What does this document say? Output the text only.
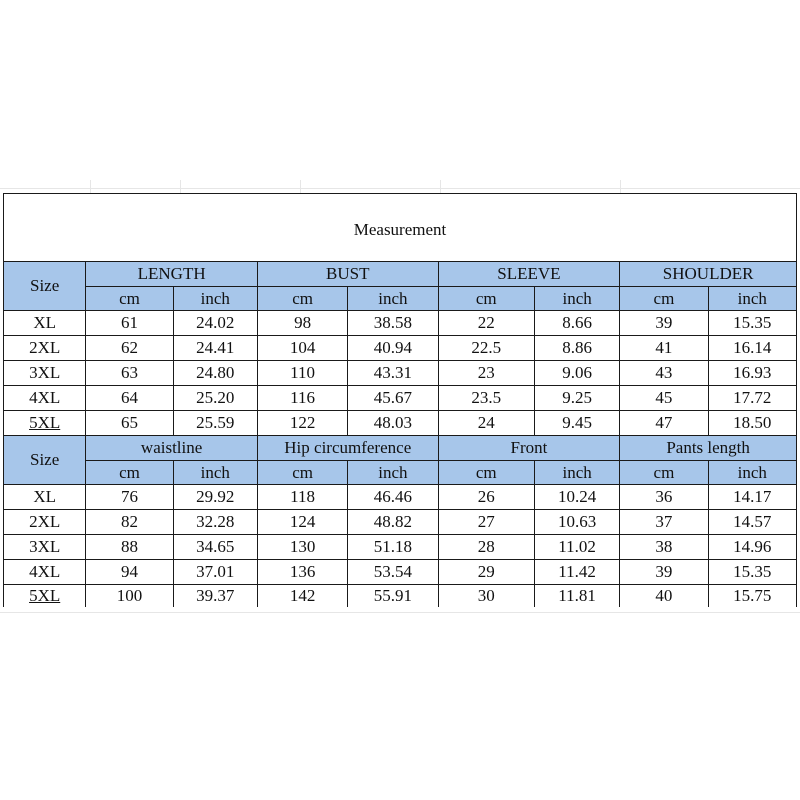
Measurement								
Size	LENGTH		BUST		SLEEVE		SHOULDER	
	cm	inch	cm	inch	cm	inch	cm	inch
XL	61	24.02	98	38.58	22	8.66	39	15.35
2XL	62	24.41	104	40.94	22.5	8.86	41	16.14
3XL	63	24.80	110	43.31	23	9.06	43	16.93
4XL	64	25.20	116	45.67	23.5	9.25	45	17.72
5XL	65	25.59	122	48.03	24	9.45	47	18.50
Size	waistline		Hip circumference		Front		Pants length	
	cm	inch	cm	inch	cm	inch	cm	inch
XL	76	29.92	118	46.46	26	10.24	36	14.17
2XL	82	32.28	124	48.82	27	10.63	37	14.57
3XL	88	34.65	130	51.18	28	11.02	38	14.96
4XL	94	37.01	136	53.54	29	11.42	39	15.35
5XL	100	39.37	142	55.91	30	11.81	40	15.75
